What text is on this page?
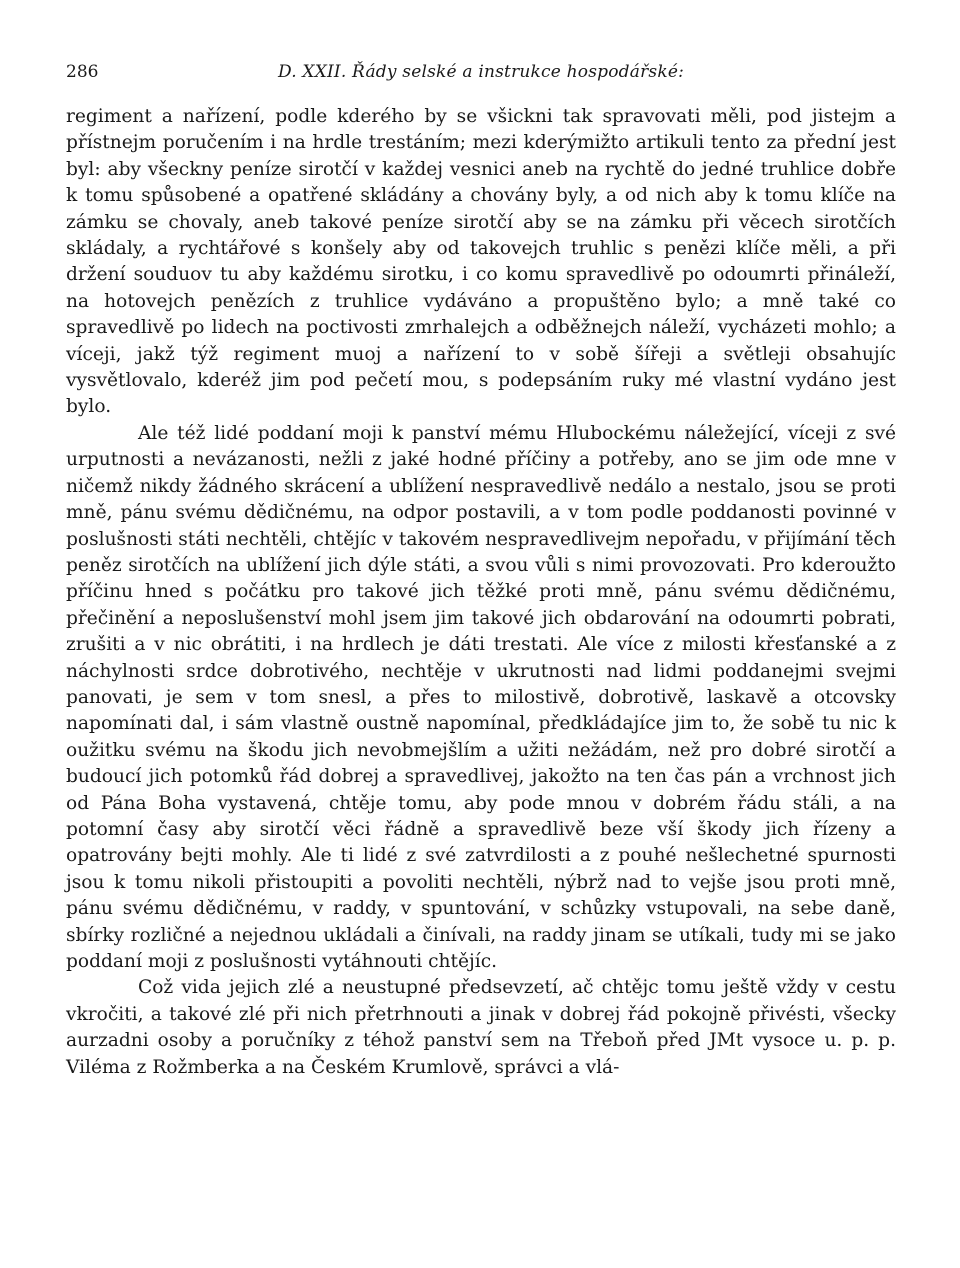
286	D. XXII. Řády selské a instrukce hospodářské:

regiment a nařízení, podle kderého by se všickni tak spravovati měli, pod jistejm a přístnejm poručením i na hrdle trestáním; mezi kderýmižto artikuli tento za přední jest byl: aby všeckny peníze sirotčí v každej vesnici aneb na rychtě do jedné truhlice dobře k tomu spůsobené a opatřené skládány a chovány byly, a od nich aby k tomu klíče na zámku se chovaly, aneb takové peníze sirotčí aby se na zámku při věcech sirotčích skládaly, a rychtářové s konšely aby od takovejch truhlic s penězi klíče měli, a při držení souduov tu aby každému sirotku, i co komu spravedlivě po odoumrti přináleží, na hotovejch penězích z truhlice vydáváno a propuštěno bylo; a mně také co spravedlivě po lidech na poctivosti zmrhalejch a odběžnejch náleží, vycházeti mohlo; a víceji, jakž týž regiment muoj a nařízení to v sobě šířeji a světleji obsahujíc vysvětlovalo, kderéž jim pod pečetí mou, s podepsáním ruky mé vlastní vydáno jest bylo.

Ale též lidé poddaní moji k panství mému Hlubockému náležející, víceji z své urputnosti a nevázanosti, nežli z jaké hodné příčiny a potřeby, ano se jim ode mne v ničemž nikdy žádného skrácení a ublížení nespravedlivě nedálo a nestalo, jsou se proti mně, pánu svému dědičnému, na odpor postavili, a v tom podle poddanosti povinné v poslušnosti státi nechtěli, chtějíc v takovém nespravedlivejm nepořadu, v přijímání těch peněz sirotčích na ublížení jich dýle státi, a svou vůli s nimi provozovati. Pro kderoužto příčinu hned s počátku pro takové jich těžké proti mně, pánu svému dědičnému, přečinění a neposlušenství mohl jsem jim takové jich obdarování na odoumrti pobrati, zrušiti a v nic obrátiti, i na hrdlech je dáti trestati. Ale více z milosti křesťanské a z náchylnosti srdce dobrotivého, nechtěje v ukrutnosti nad lidmi poddanejmi svejmi panovati, je sem v tom snesl, a přes to milostivě, dobrotivě, laskavě a otcovsky napomínati dal, i sám vlastně oustně napomínal, předkládajíce jim to, že sobě tu nic k oužitku svému na škodu jich nevobmejšlím a užiti nežádám, než pro dobré sirotčí a budoucí jich potomků řád dobrej a spravedlivej, jakožto na ten čas pán a vrchnost jich od Pána Boha vystavená, chtěje tomu, aby pode mnou v dobrém řádu stáli, a na potomní časy aby sirotčí věci řádně a spravedlivě beze vší škody jich řízeny a opatrovány bejti mohly. Ale ti lidé z své zatvrdilosti a z pouhé nešlechetné spurnosti jsou k tomu nikoli přistoupiti a povoliti nechtěli, nýbrž nad to vejše jsou proti mně, pánu svému dědičnému, v raddy, v spuntování, v schůzky vstupovali, na sebe daně, sbírky rozličné a nejednou ukládali a činívali, na raddy jinam se utíkali, tudy mi se jako poddaní moji z poslušnosti vytáhnouti chtějíc.

Což vida jejich zlé a neustupné předsevzetí, ač chtějc tomu ještě vždy v cestu vkročiti, a takové zlé při nich přetrhnouti a jinak v dobrej řád pokojně přivésti, všecky aurzadni osoby a poručníky z téhož panství sem na Třeboň před JMt vysoce u. p. p. Viléma z Rožmberka a na Českém Krumlově, správci a vlá-
